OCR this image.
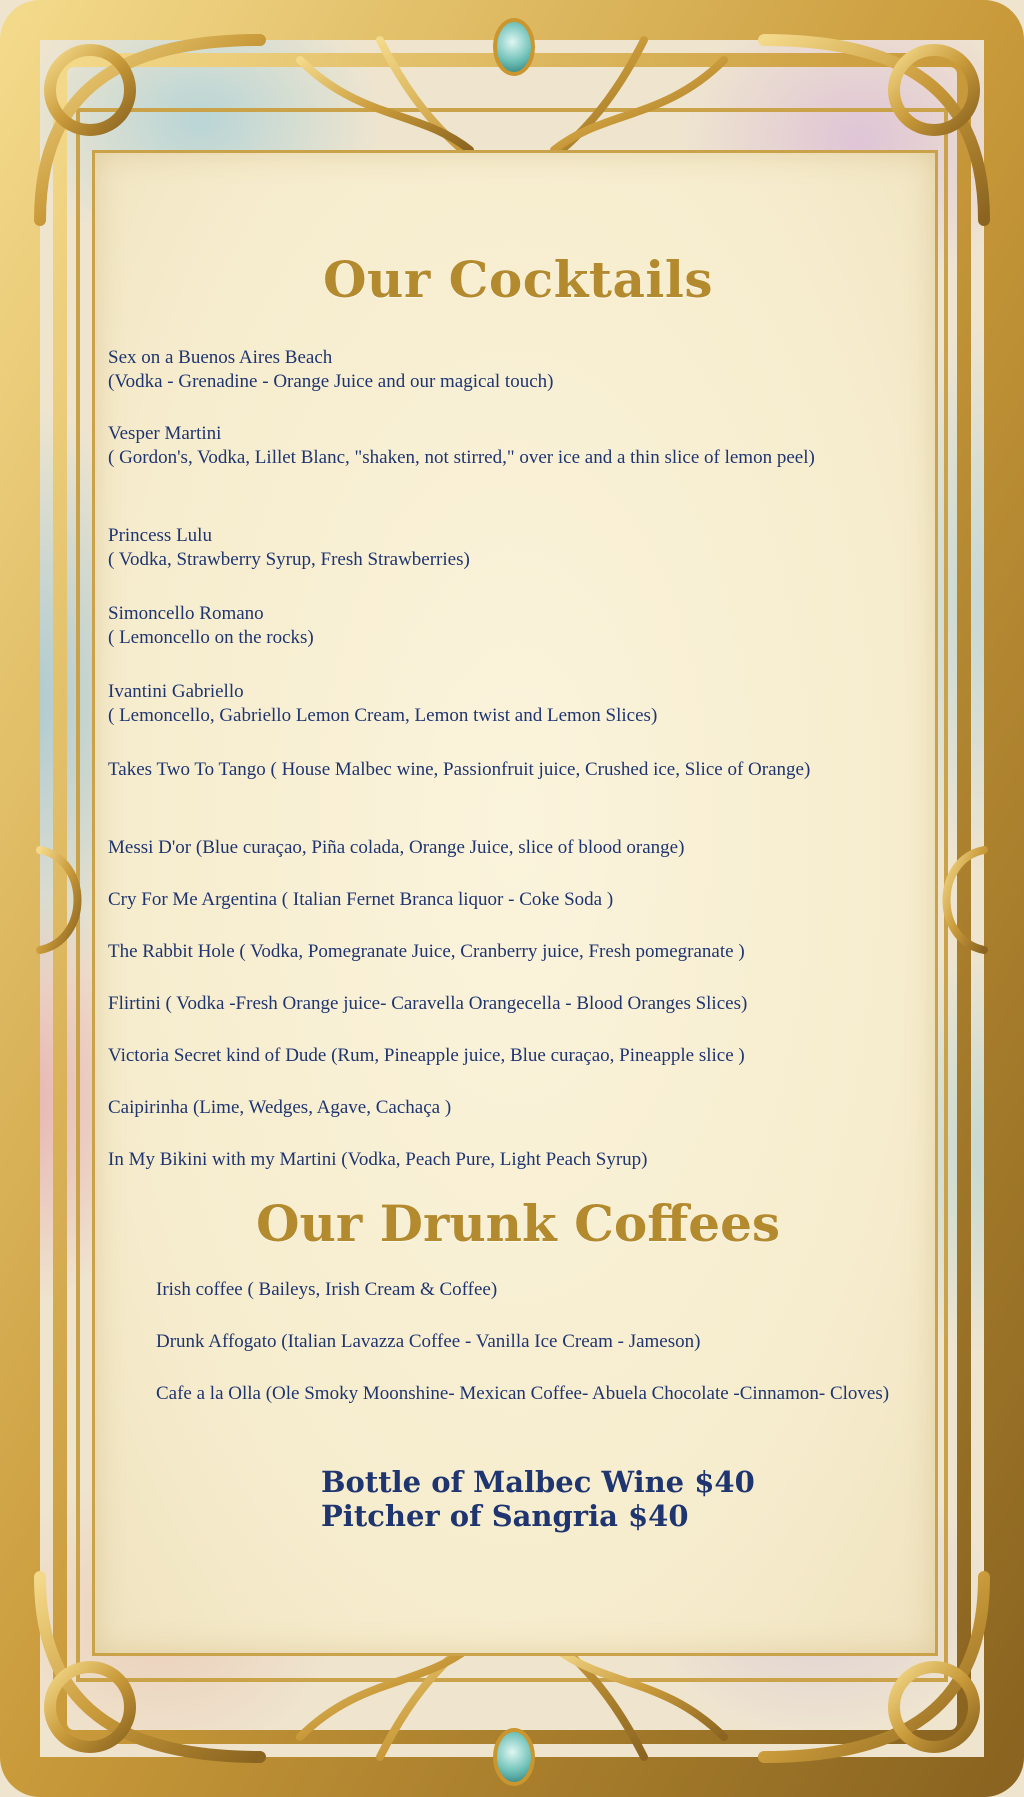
Our Cocktails
Sex on a Buenos Aires Beach
(Vodka - Grenadine - Orange Juice and our magical touch)
Vesper Martini
( Gordon's, Vodka, Lillet Blanc, "shaken, not stirred," over ice and a thin slice of lemon peel)
Princess Lulu
( Vodka, Strawberry Syrup, Fresh Strawberries)
Simoncello Romano
( Lemoncello on the rocks)
Ivantini Gabriello
( Lemoncello, Gabriello Lemon Cream, Lemon twist and Lemon Slices)
Takes Two To Tango ( House Malbec wine, Passionfruit juice, Crushed ice, Slice of Orange)
Messi D'or (Blue curaçao, Piña colada, Orange Juice, slice of blood orange)
Cry For Me Argentina ( Italian Fernet Branca liquor - Coke Soda )
The Rabbit Hole ( Vodka, Pomegranate Juice, Cranberry juice, Fresh pomegranate )
Flirtini ( Vodka -Fresh Orange juice- Caravella Orangecella - Blood Oranges Slices)
Victoria Secret kind of Dude (Rum, Pineapple juice, Blue curaçao, Pineapple slice )
Caipirinha (Lime, Wedges, Agave, Cachaça )
In My Bikini with my Martini (Vodka, Peach Pure, Light Peach Syrup)
Our Drunk Coffees
Irish coffee ( Baileys, Irish Cream & Coffee)
Drunk Affogato (Italian Lavazza Coffee - Vanilla Ice Cream - Jameson)
Cafe a la Olla (Ole Smoky Moonshine- Mexican Coffee- Abuela Chocolate -Cinnamon- Cloves)
Bottle of Malbec Wine $40
Pitcher of Sangria $40
